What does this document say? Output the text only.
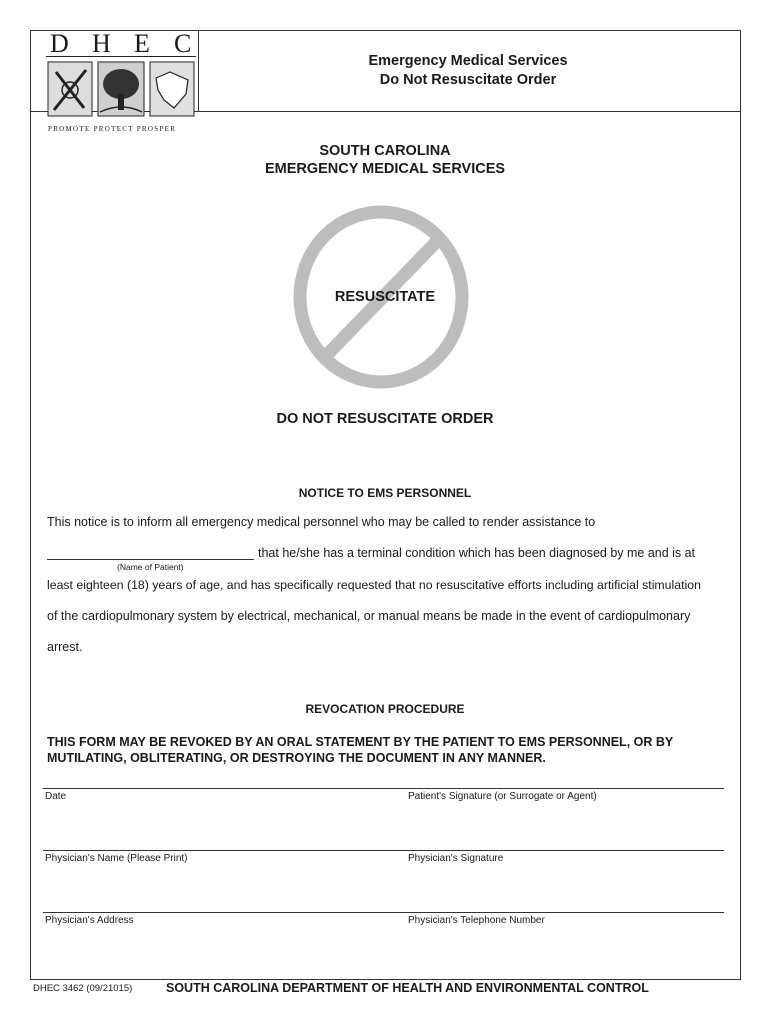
D H E C
PROMOTE PROTECT PROSPER
Emergency Medical Services
Do Not Resuscitate Order
SOUTH CAROLINA
EMERGENCY MEDICAL SERVICES
RESUSCITATE
DO NOT RESUSCITATE ORDER
NOTICE TO EMS PERSONNEL
This notice is to inform all emergency medical personnel who may be called to render assistance to
that he/she has a terminal condition which has been diagnosed by me and is at
(Name of Patient)
least eighteen (18) years of age, and has specifically requested that no resuscitative efforts including artificial stimulation
of the cardiopulmonary system by electrical, mechanical, or manual means be made in the event of cardiopulmonary
arrest.
REVOCATION PROCEDURE
THIS FORM MAY BE REVOKED BY AN ORAL STATEMENT BY THE PATIENT TO EMS PERSONNEL, OR BY
MUTILATING, OBLITERATING, OR DESTROYING THE DOCUMENT IN ANY MANNER.
Date	Patient's Signature (or Surrogate or Agent)
Physician's Name (Please Print)	Physician's Signature
Physician's Address	Physician's Telephone Number
DHEC 3462 (09/21015)	SOUTH CAROLINA DEPARTMENT OF HEALTH AND ENVIRONMENTAL CONTROL
